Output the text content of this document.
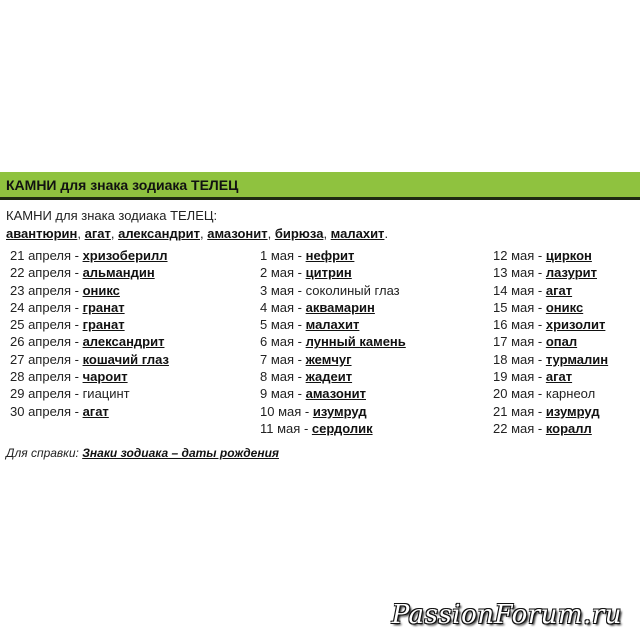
КАМНИ для знака зодиака ТЕЛЕЦ
КАМНИ для знака зодиака ТЕЛЕЦ:
авантюрин, агат, александрит, амазонит, бирюза, малахит.
21 апреля - хризоберилл
22 апреля - альмандин
23 апреля - оникс
24 апреля - гранат
25 апреля - гранат
26 апреля - александрит
27 апреля - кошачий глаз
28 апреля - чароит
29 апреля - гиацинт
30 апреля - агат
1 мая - нефрит
2 мая - цитрин
3 мая - соколиный глаз
4 мая - аквамарин
5 мая - малахит
6 мая - лунный камень
7 мая - жемчуг
8 мая - жадеит
9 мая - амазонит
10 мая - изумруд
11 мая - сердолик
12 мая - циркон
13 мая - лазурит
14 мая - агат
15 мая - оникс
16 мая - хризолит
17 мая - опал
18 мая - турмалин
19 мая - агат
20 мая - карнеол
21 мая - изумруд
22 мая - коралл
Для справки: Знаки зодиака – даты рождения
PassionForum.ru
